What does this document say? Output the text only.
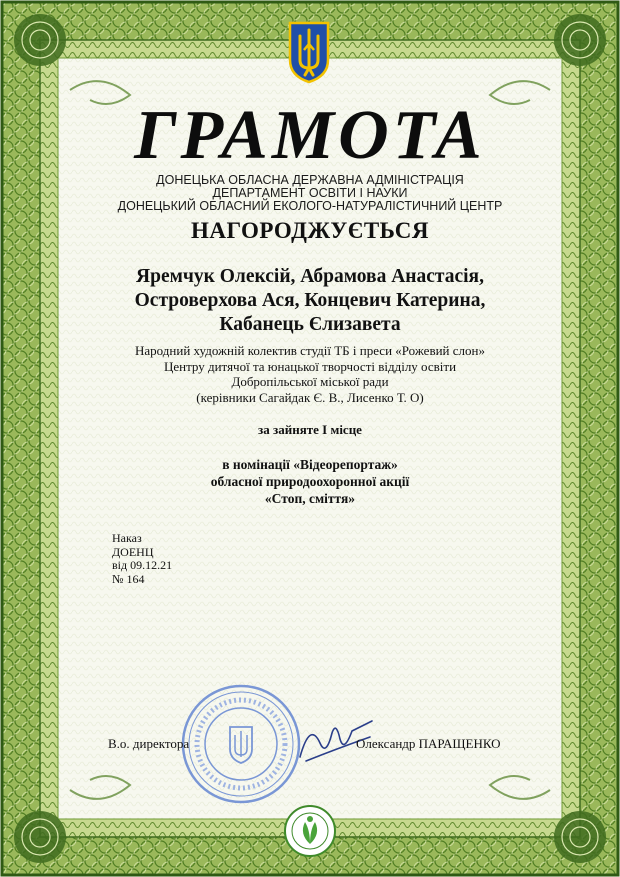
ГРАМОТА

ДОНЕЦЬКА ОБЛАСНА ДЕРЖАВНА АДМІНІСТРАЦІЯ

ДЕПАРТАМЕНТ ОСВІТИ І НАУКИ

ДОНЕЦЬКИЙ ОБЛАСНИЙ ЕКОЛОГО-НАТУРАЛІСТИЧНИЙ ЦЕНТР

НАГОРОДЖУЄТЬСЯ

Яремчук Олексій, Абрамова Анастасія,
Островерхова Ася, Концевич Катерина,
Кабанець Єлизавета
Народний художній колектив студії ТБ і преси «Рожевий слон»
Центру дитячої та юнацької творчості відділу освіти
Добропільської міської ради
(керівники Сагайдак Є. В., Лисенко Т. О)

за зайняте І місце

в номінації «Відеорепортаж»
обласної природоохоронної акції
«Стоп, сміття»
Наказ
ДОЕНЦ
від 09.12.21
№ 164
В.о. директора	Олександр ПАРАЩЕНКО
